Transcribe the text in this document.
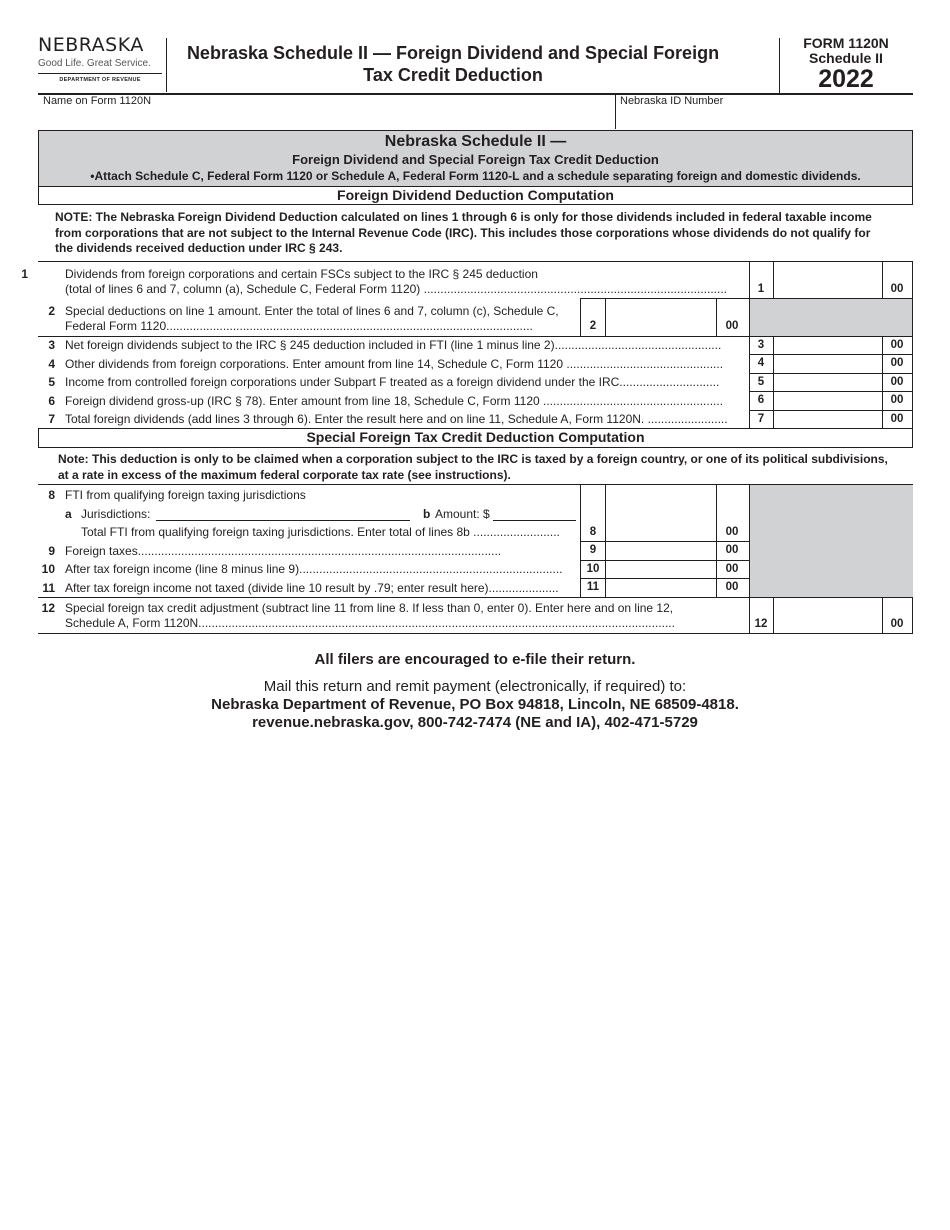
NEBRASKA
Good Life. Great Service.
DEPARTMENT OF REVENUE
Nebraska Schedule II — Foreign Dividend and Special Foreign
Tax Credit Deduction
FORM 1120N
Schedule II
2022
Name on Form 1120N	Nebraska ID Number
Nebraska Schedule II —
Foreign Dividend and Special Foreign Tax Credit Deduction
•Attach Schedule C, Federal Form 1120 or Schedule A, Federal Form 1120-L and a schedule separating foreign and domestic dividends.
Foreign Dividend Deduction Computation
NOTE: The Nebraska Foreign Dividend Deduction calculated on lines 1 through 6 is only for those dividends included in federal taxable income
from corporations that are not subject to the Internal Revenue Code (IRC). This includes those corporations whose dividends do not qualify for
the dividends received deduction under IRC § 243.
1	Dividends from foreign corporations and certain FSCs subject to the IRC § 245 deduction
(total of lines 6 and 7, column (a), Schedule C, Federal Form 1120) ...........................................................................................	1	00
2 Special deductions on line 1 amount. Enter the total of lines 6 and 7, column (c), Schedule C,
Federal Form 1120..............................................................................................................	2	00
3 Net foreign dividends subject to the IRC § 245 deduction included in FTI (line 1 minus line 2)..................................................	3	00
4 Other dividends from foreign corporations. Enter amount from line 14, Schedule C, Form 1120 ...............................................	4	00
5 Income from controlled foreign corporations under Subpart F treated as a foreign dividend under the IRC..............................	5	00
6 Foreign dividend gross-up (IRC § 78). Enter amount from line 18, Schedule C, Form 1120 ......................................................	6	00
7 Total foreign dividends (add lines 3 through 6). Enter the result here and on line 11, Schedule A, Form 1120N. ........................	7	00
Special Foreign Tax Credit Deduction Computation
Note: This deduction is only to be claimed when a corporation subject to the IRC is taxed by a foreign country, or one of its political subdivisions,
at a rate in excess of the maximum federal corporate tax rate (see instructions).
8 FTI from qualifying foreign taxing jurisdictions
a Jurisdictions:	b Amount: $
Total FTI from qualifying foreign taxing jurisdictions. Enter total of lines 8b ..........................	8	00
9 Foreign taxes.............................................................................................................	9	00
10 After tax foreign income (line 8 minus line 9)...............................................................................	10	00
11 After tax foreign income not taxed (divide line 10 result by .79; enter result here).....................	11	00
12 Special foreign tax credit adjustment (subtract line 11 from line 8. If less than 0, enter 0). Enter here and on line 12,
Schedule A, Form 1120N...............................................................................................................................................	12	00
All filers are encouraged to e-file their return.
Mail this return and remit payment (electronically, if required) to:
Nebraska Department of Revenue, PO Box 94818, Lincoln, NE 68509-4818.
revenue.nebraska.gov, 800-742-7474 (NE and IA), 402-471-5729
